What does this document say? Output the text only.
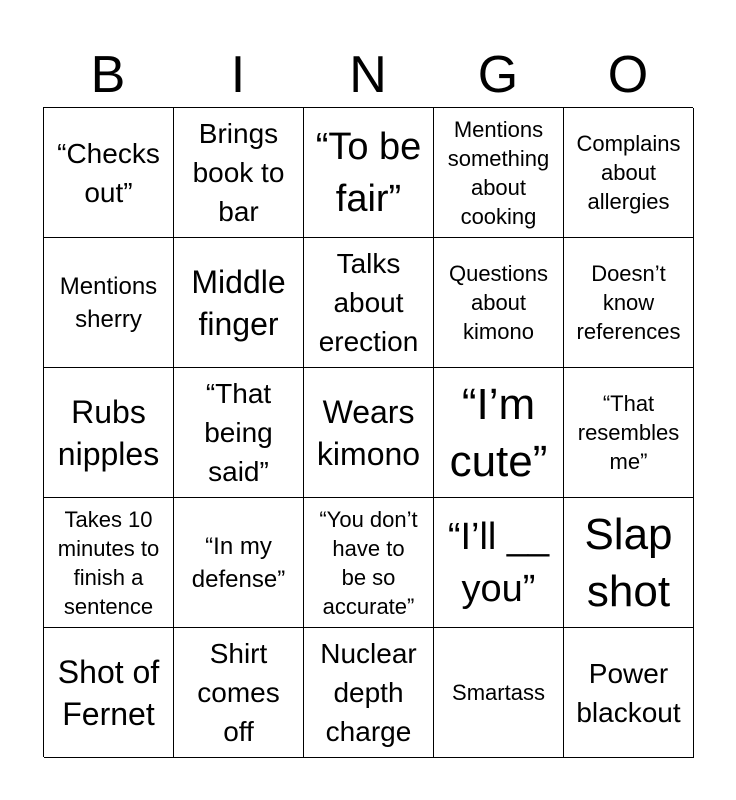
B	I	N	G	O
“Checks
out”
Brings
book to
bar
“To be
fair”
Mentions
something
about
cooking
Complains
about
allergies
Mentions
sherry
Middle
finger
Talks
about
erection
Questions
about
kimono
Doesn’t
know
references
Rubs
nipples
“That
being
said”
Wears
kimono
“I’m
cute”
“That
resembles
me”
Takes 10
minutes to
finish a
sentence
“In my
defense”
“You don’t
have to
be so
accurate”
“I’ll __
you”
Slap
shot
Shot of
Fernet
Shirt
comes
off
Nuclear
depth
charge
Smartass
Power
blackout
